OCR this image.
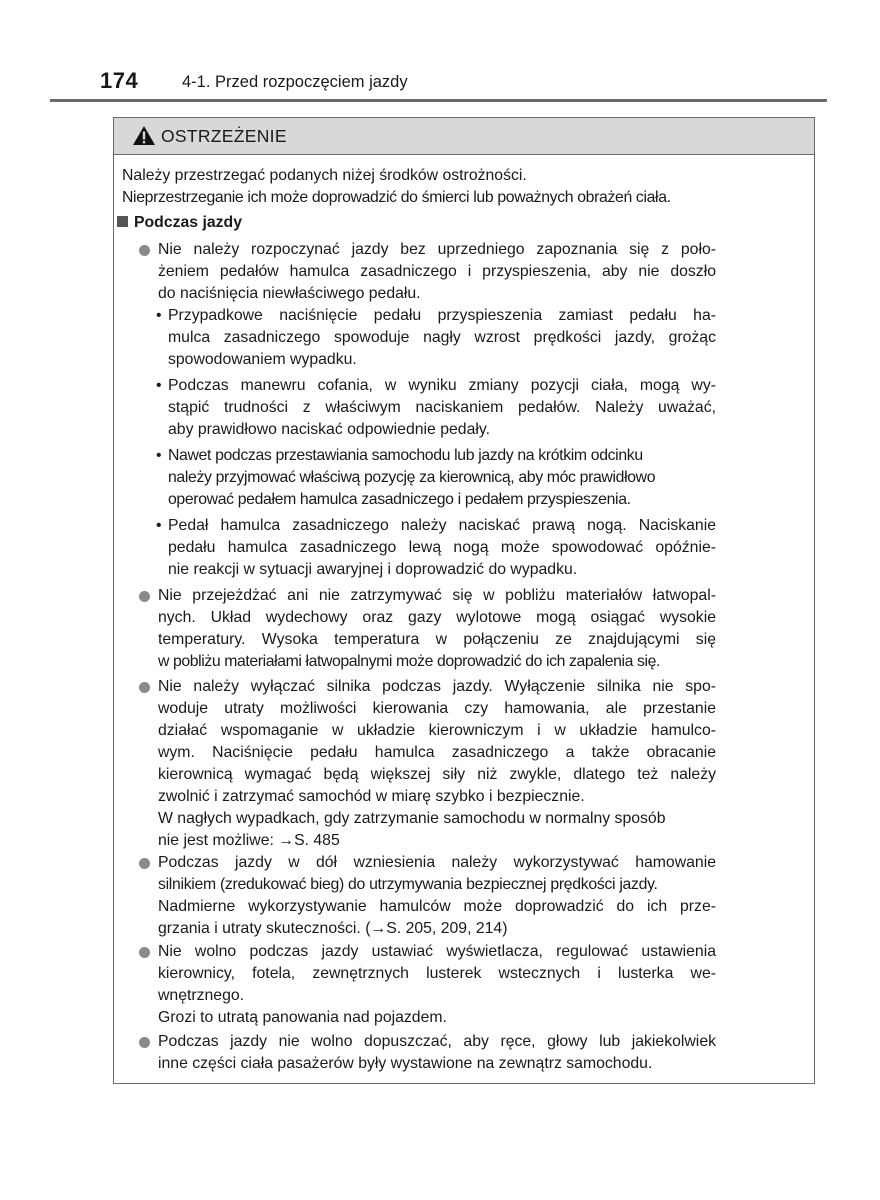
174	4-1. Przed rozpoczęciem jazdy
OSTRZEŻENIE
Należy przestrzegać podanych niżej środków ostrożności.
Nieprzestrzeganie ich może doprowadzić do śmierci lub poważnych obrażeń ciała.
Podczas jazdy
Nie należy rozpoczynać jazdy bez uprzedniego zapoznania się z poło-
żeniem pedałów hamulca zasadniczego i przyspieszenia, aby nie doszło
do naciśnięcia niewłaściwego pedału.
• Przypadkowe naciśnięcie pedału przyspieszenia zamiast pedału ha-
mulca zasadniczego spowoduje nagły wzrost prędkości jazdy, grożąc
spowodowaniem wypadku.
• Podczas manewru cofania, w wyniku zmiany pozycji ciała, mogą wy-
stąpić trudności z właściwym naciskaniem pedałów. Należy uważać,
aby prawidłowo naciskać odpowiednie pedały.
• Nawet podczas przestawiania samochodu lub jazdy na krótkim odcinku
należy przyjmować właściwą pozycję za kierownicą, aby móc prawidłowo
operować pedałem hamulca zasadniczego i pedałem przyspieszenia.
• Pedał hamulca zasadniczego należy naciskać prawą nogą. Naciskanie
pedału hamulca zasadniczego lewą nogą może spowodować opóźnie-
nie reakcji w sytuacji awaryjnej i doprowadzić do wypadku.
Nie przejeżdżać ani nie zatrzymywać się w pobliżu materiałów łatwopal-
nych. Układ wydechowy oraz gazy wylotowe mogą osiągać wysokie
temperatury. Wysoka temperatura w połączeniu ze znajdującymi się
w pobliżu materiałami łatwopalnymi może doprowadzić do ich zapalenia się.
Nie należy wyłączać silnika podczas jazdy. Wyłączenie silnika nie spo-
woduje utraty możliwości kierowania czy hamowania, ale przestanie
działać wspomaganie w układzie kierowniczym i w układzie hamulco-
wym. Naciśnięcie pedału hamulca zasadniczego a także obracanie
kierownicą wymagać będą większej siły niż zwykle, dlatego też należy
zwolnić i zatrzymać samochód w miarę szybko i bezpiecznie.
W nagłych wypadkach, gdy zatrzymanie samochodu w normalny sposób
nie jest możliwe: →S. 485
Podczas jazdy w dół wzniesienia należy wykorzystywać hamowanie
silnikiem (zredukować bieg) do utrzymywania bezpiecznej prędkości jazdy.
Nadmierne wykorzystywanie hamulców może doprowadzić do ich prze-
grzania i utraty skuteczności. (→S. 205, 209, 214)
Nie wolno podczas jazdy ustawiać wyświetlacza, regulować ustawienia
kierownicy, fotela, zewnętrznych lusterek wstecznych i lusterka we-
wnętrznego.
Grozi to utratą panowania nad pojazdem.
Podczas jazdy nie wolno dopuszczać, aby ręce, głowy lub jakiekolwiek
inne części ciała pasażerów były wystawione na zewnątrz samochodu.
